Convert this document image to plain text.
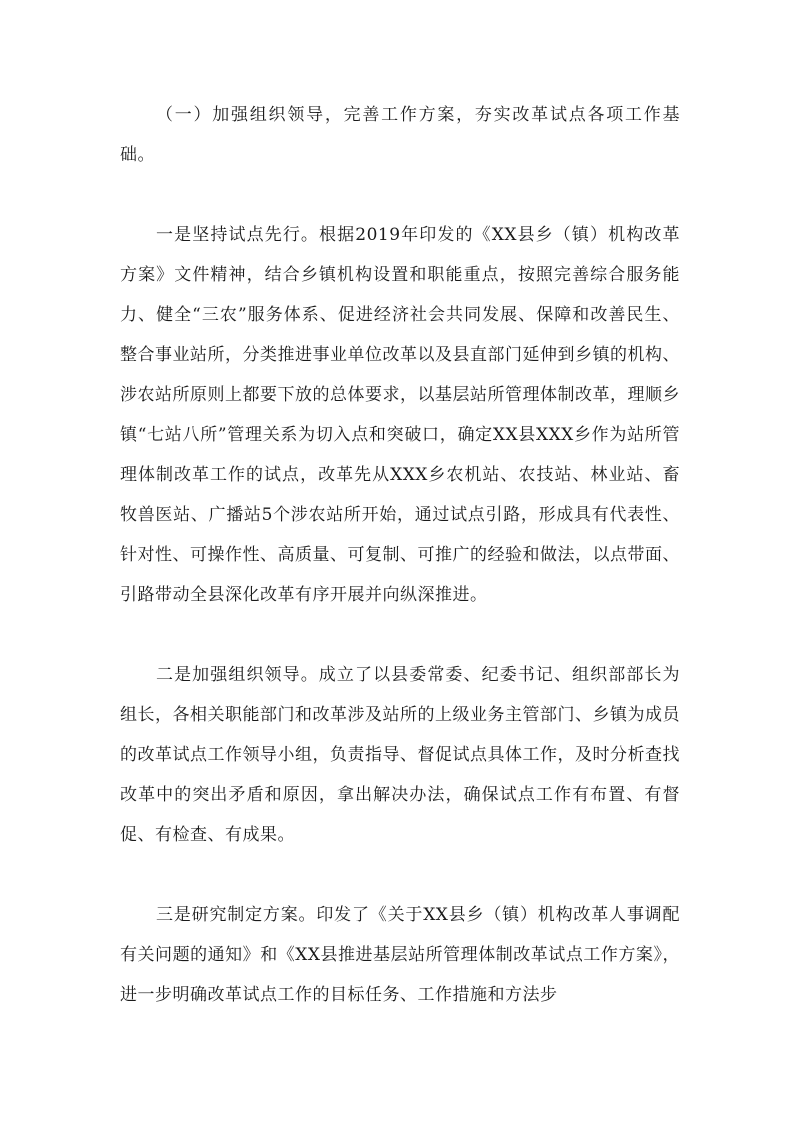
（一）加强组织领导，完善工作方案，夯实改革试点各项工作基础。

一是坚持试点先行。根据2019年印发的《XX县乡（镇）机构改革方案》文件精神，结合乡镇机构设置和职能重点，按照完善综合服务能力、健全“三农”服务体系、促进经济社会共同发展、保障和改善民生、整合事业站所，分类推进事业单位改革以及县直部门延伸到乡镇的机构、涉农站所原则上都要下放的总体要求，以基层站所管理体制改革，理顺乡镇“七站八所”管理关系为切入点和突破口，确定XX县XXX乡作为站所管理体制改革工作的试点，改革先从XXX乡农机站、农技站、林业站、畜牧兽医站、广播站5个涉农站所开始，通过试点引路，形成具有代表性、针对性、可操作性、高质量、可复制、可推广的经验和做法，以点带面、引路带动全县深化改革有序开展并向纵深推进。

二是加强组织领导。成立了以县委常委、纪委书记、组织部部长为组长，各相关职能部门和改革涉及站所的上级业务主管部门、乡镇为成员的改革试点工作领导小组，负责指导、督促试点具体工作，及时分析查找改革中的突出矛盾和原因，拿出解决办法，确保试点工作有布置、有督促、有检查、有成果。

三是研究制定方案。印发了《关于XX县乡（镇）机构改革人事调配有关问题的通知》和《XX县推进基层站所管理体制改革试点工作方案》，进一步明确改革试点工作的目标任务、工作措施和方法步
